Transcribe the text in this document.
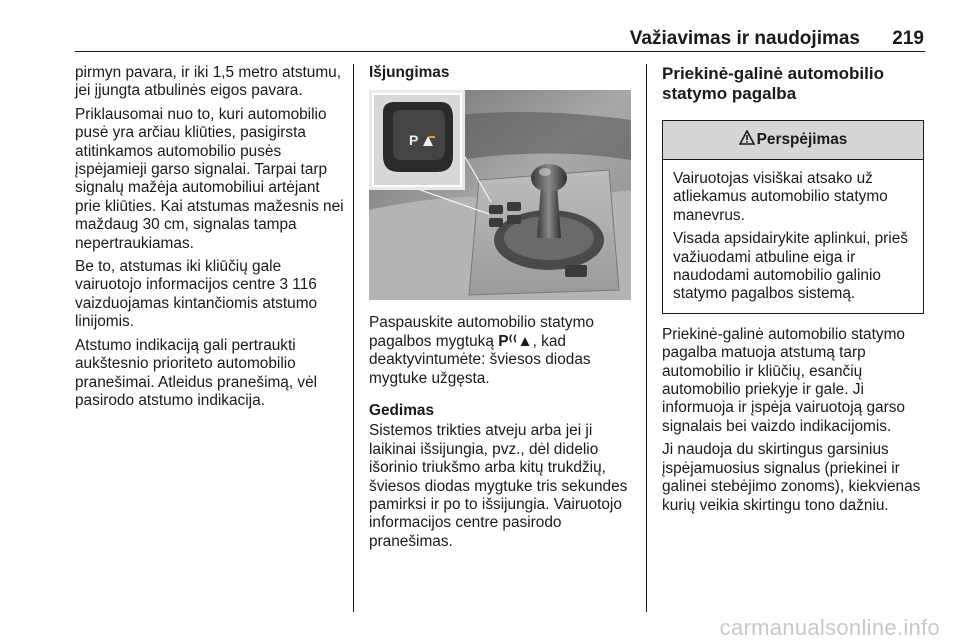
Važiavimas ir naudojimas	219

pirmyn pavara, ir iki 1,5 metro atstumu, jei įjungta atbulinės eigos pavara.

Priklausomai nuo to, kuri automobilio pusė yra arčiau kliūties, pasigirsta atitinkamos automobilio pusės įspėjamieji garso signalai. Tarpai tarp signalų mažėja automobiliui artėjant prie kliūties. Kai atstumas mažesnis nei maždaug 30 cm, signalas tampa nepertraukiamas.

Be to, atstumas iki kliūčių gale vairuotojo informacijos centre 3 116 vaizduojamas kintančiomis atstumo linijomis.

Atstumo indikaciją gali pertraukti aukštesnio prioriteto automobilio pranešimai. Atleidus pranešimą, vėl pasirodo atstumo indikacija.

Išjungimas
P

Paspauskite automobilio statymo pagalbos mygtuką P⁽⁽▲, kad deaktyvintumėte: šviesos diodas mygtuke užgęsta.

Gedimas

Sistemos trikties atveju arba jei ji laikinai išsijungia, pvz., dėl didelio išorinio triukšmo arba kitų trukdžių, šviesos diodas mygtuke tris sekundes pamirksi ir po to išsijungia. Vairuotojo informacijos centre pasirodo pranešimas.

Priekinė-galinė automobilio statymo pagalba
Perspėjimas

Vairuotojas visiškai atsako už atliekamus automobilio statymo manevrus.

Visada apsidairykite aplinkui, prieš važiuodami atbuline eiga ir naudodami automobilio galinio statymo pagalbos sistemą.

Priekinė-galinė automobilio statymo pagalba matuoja atstumą tarp automobilio ir kliūčių, esančių automobilio priekyje ir gale. Ji informuoja ir įspėja vairuotoją garso signalais bei vaizdo indikacijomis.

Ji naudoja du skirtingus garsinius įspėjamuosius signalus (priekinei ir galinei stebėjimo zonoms), kiekvienas kurių veikia skirtingu tono dažniu.

carmanualsonline.info
